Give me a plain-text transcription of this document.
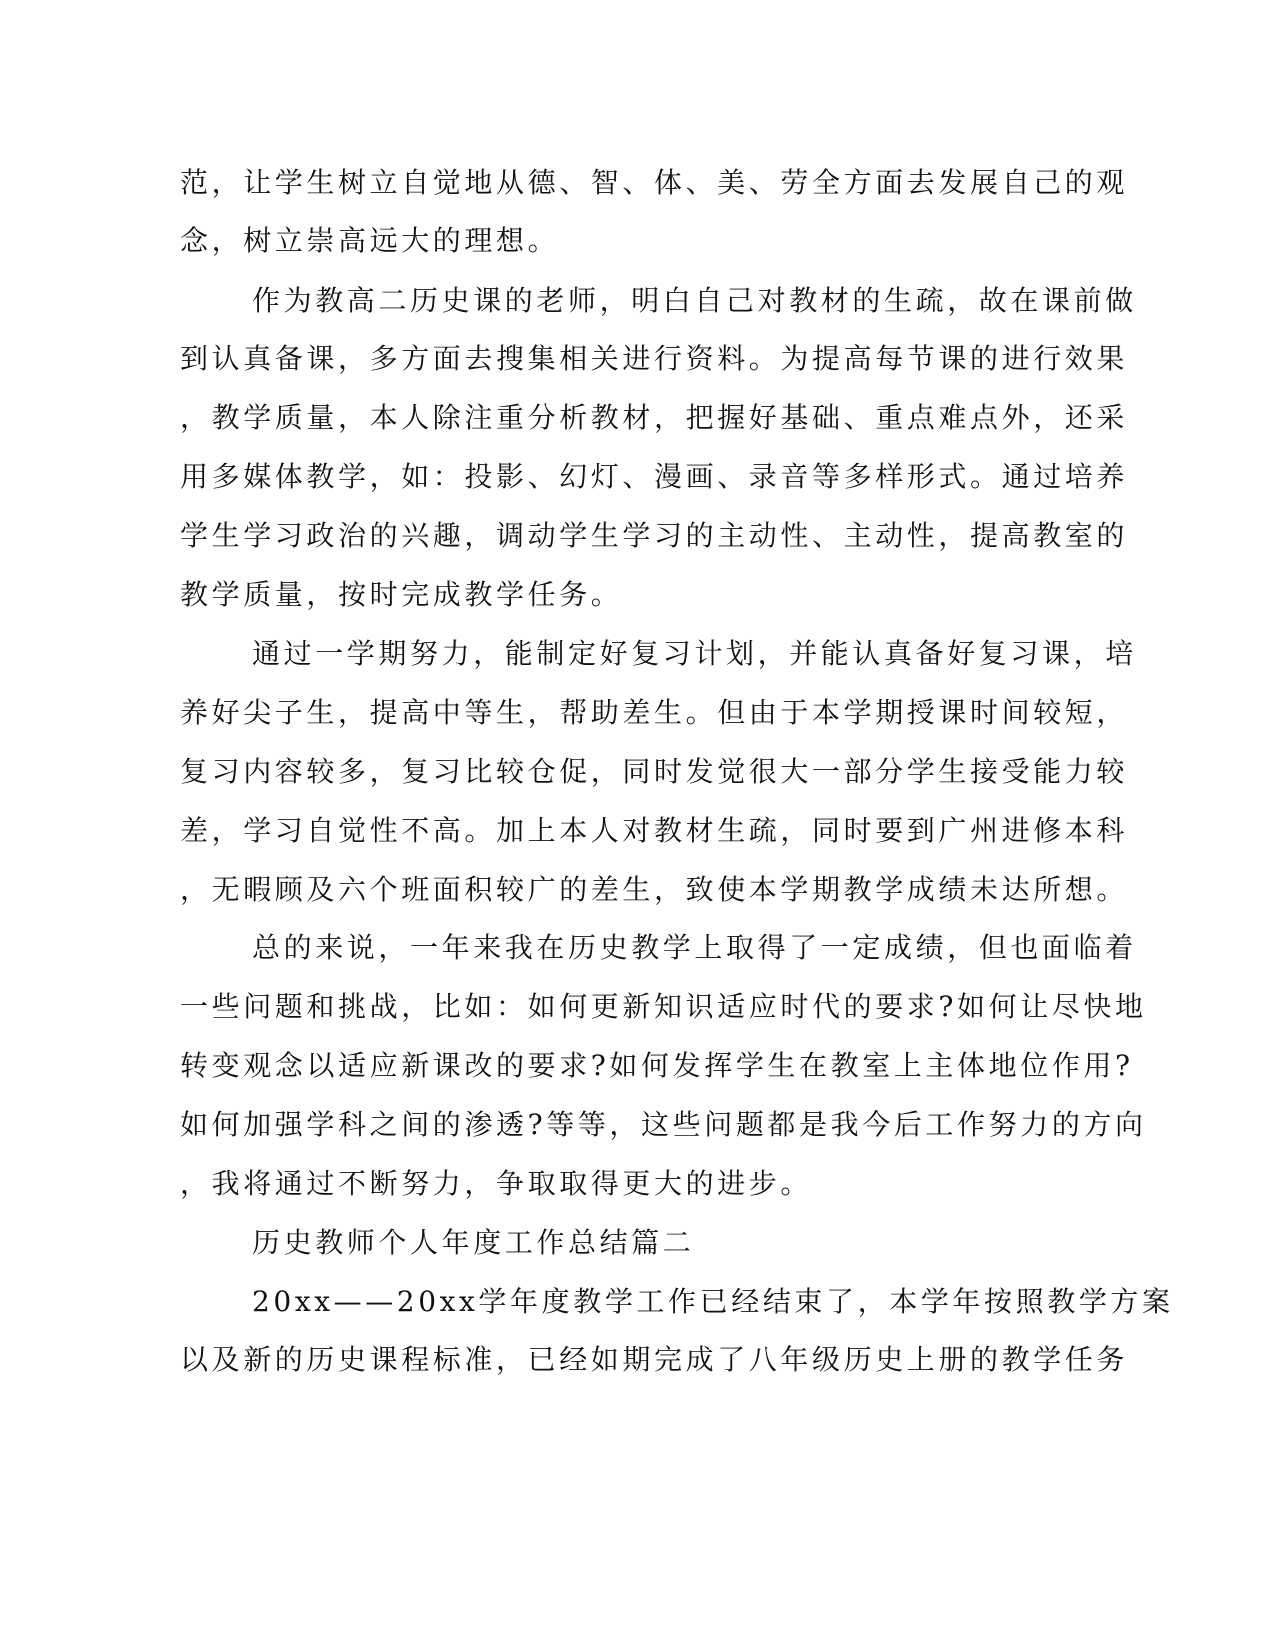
范，让学生树立自觉地从德、智、体、美、劳全方面去发展自己的观
念，树立崇高远大的理想。
作为教高二历史课的老师，明白自己对教材的生疏，故在课前做
到认真备课，多方面去搜集相关进行资料。为提高每节课的进行效果
，教学质量，本人除注重分析教材，把握好基础、重点难点外，还采
用多媒体教学，如：投影、幻灯、漫画、录音等多样形式。通过培养
学生学习政治的兴趣，调动学生学习的主动性、主动性，提高教室的
教学质量，按时完成教学任务。
通过一学期努力，能制定好复习计划，并能认真备好复习课，培
养好尖子生，提高中等生，帮助差生。但由于本学期授课时间较短，
复习内容较多，复习比较仓促，同时发觉很大一部分学生接受能力较
差，学习自觉性不高。加上本人对教材生疏，同时要到广州进修本科
，无暇顾及六个班面积较广的差生，致使本学期教学成绩未达所想。
总的来说，一年来我在历史教学上取得了一定成绩，但也面临着
一些问题和挑战，比如：如何更新知识适应时代的要求?如何让尽快地
转变观念以适应新课改的要求?如何发挥学生在教室上主体地位作用?
如何加强学科之间的渗透?等等，这些问题都是我今后工作努力的方向
，我将通过不断努力，争取取得更大的进步。
历史教师个人年度工作总结篇二
20xx——20xx学年度教学工作已经结束了，本学年按照教学方案
以及新的历史课程标准，已经如期完成了八年级历史上册的教学任务
